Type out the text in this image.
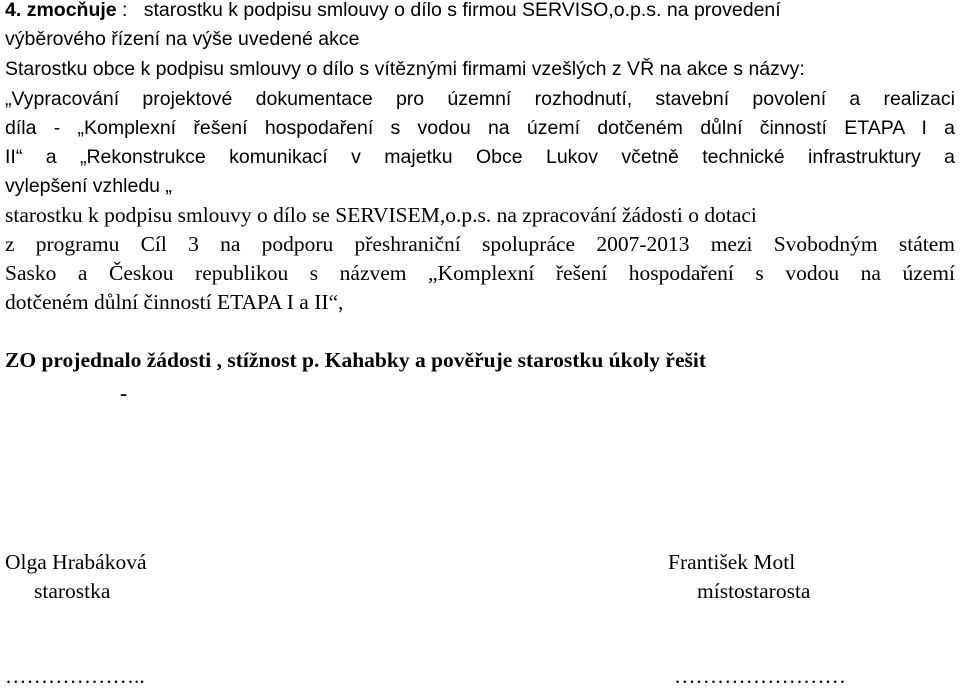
4. zmocňuje : starostku k podpisu smlouvy o dílo s firmou SERVISO,o.p.s. na provedení
výběrového řízení na výše uvedené akce
Starostku obce k podpisu smlouvy o dílo s vítěznými firmami vzešlých z VŘ na akce s názvy:
„Vypracování projektové dokumentace pro územní rozhodnutí, stavební povolení a realizaci
díla - „Komplexní řešení hospodaření s vodou na území dotčeném důlní činností ETAPA I a
II“ a „Rekonstrukce komunikací v majetku Obce Lukov včetně technické infrastruktury a
vylepšení vzhledu „
starostku k podpisu smlouvy o dílo se SERVISEM,o.p.s. na zpracování žádosti o dotaci
z programu Cíl 3 na podporu přeshraniční spolupráce 2007-2013 mezi Svobodným státem
Sasko a Českou republikou s názvem „Komplexní řešení hospodaření s vodou na území
dotčeném důlní činností ETAPA I a II“,
ZO projednalo žádosti , stížnost p. Kahabky a pověřuje starostku úkoly řešit
-
Olga Hrabáková
starostka
………………..
František Motl
místostarosta
……………………
